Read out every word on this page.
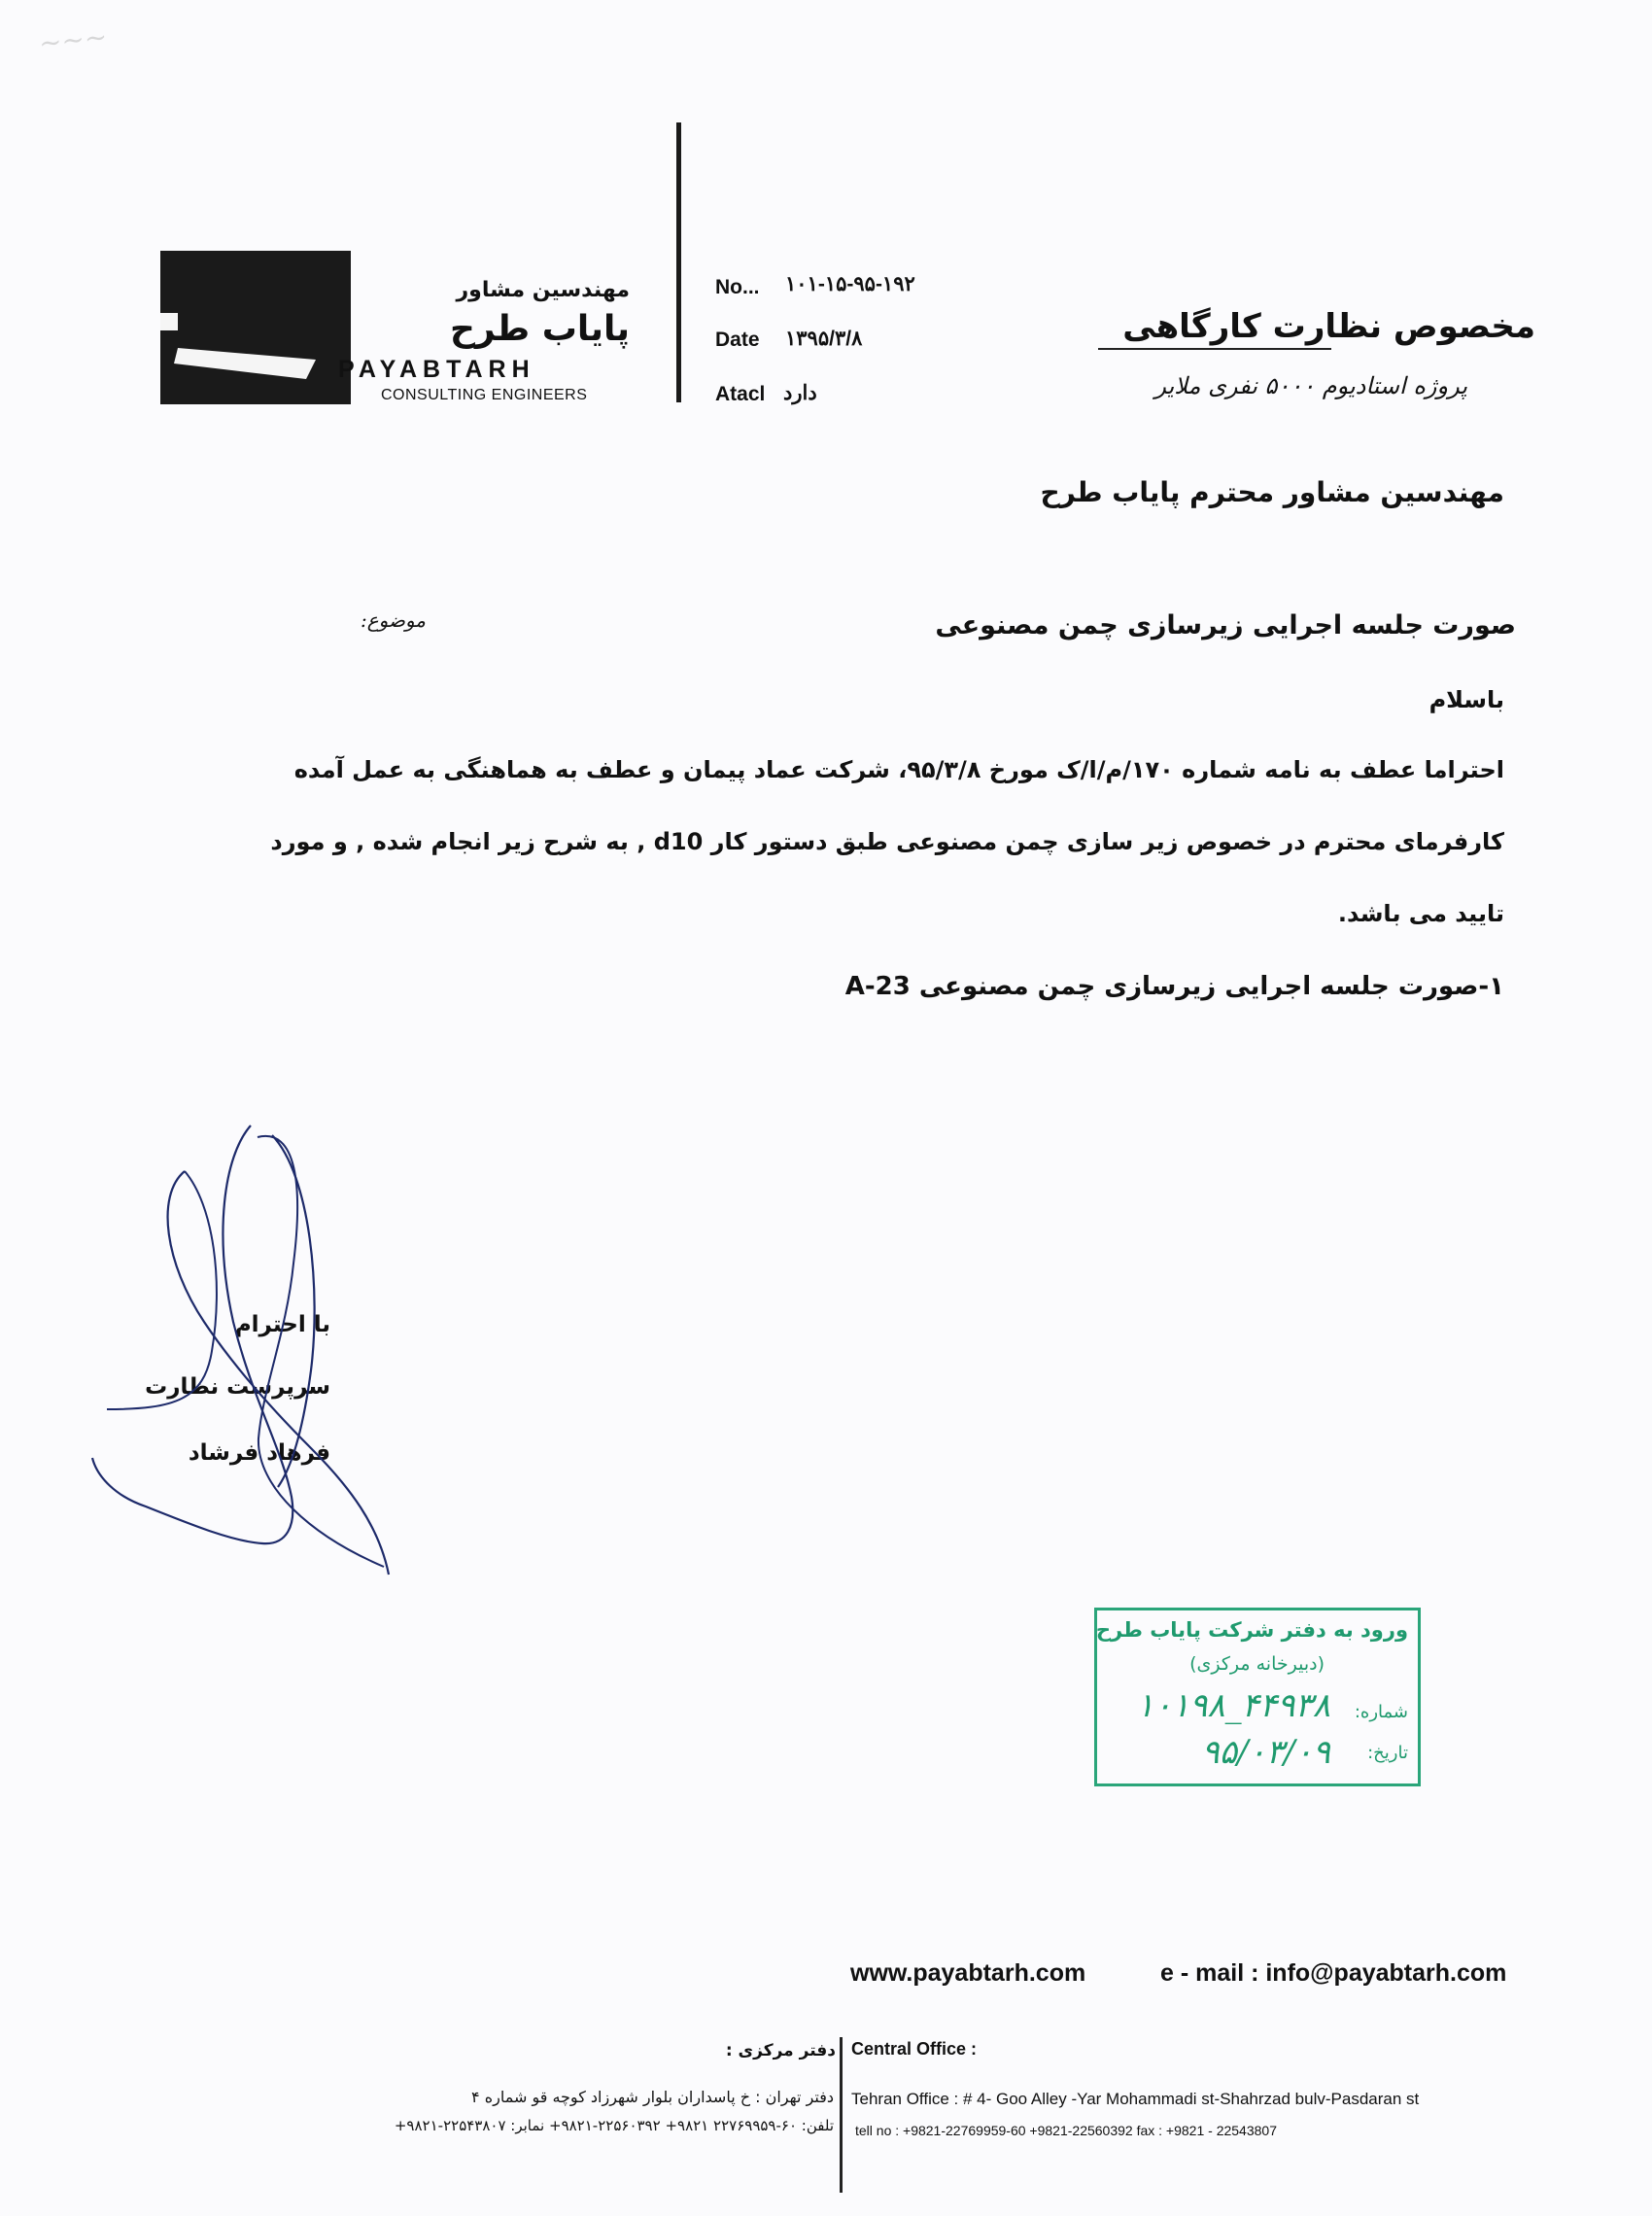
~~~
مهندسین مشاور
پایاب طرح
PAYABTARH
CONSULTING ENGINEERS
No... ۱۰۱-۱۵-۹۵-۱۹۲
Date ۱۳۹۵/۳/۸
Atacl دارد
مخصوص نظارت کارگاهی
پروژه استادیوم ۵۰۰۰ نفری ملایر
مهندسین مشاور محترم پایاب طرح
موضوع:	صورت جلسه اجرایی زیرسازی چمن مصنوعی
باسلام
احتراما عطف به نامه شماره ۱۷۰/م/ا/ک مورخ ۹۵/۳/۸، شرکت عماد پیمان و عطف به هماهنگی به عمل آمده
کارفرمای محترم در خصوص زیر سازی چمن مصنوعی طبق دستور کار d10 , به شرح زیر انجام شده , و مورد
تایید می باشد.
۱-صورت جلسه اجرایی زیرسازی چمن مصنوعی A-23
با احترام
سرپرست نظارت
فرهاد فرشاد
ورود به دفتر شرکت پایاب طرح
(دبیرخانه مرکزی)
شماره:
۱۰۱۹۸_۴۴۹۳۸
تاریخ:
۹۵/۰۳/۰۹
www.payabtarh.com	e - mail : info@payabtarh.com
دفتر مرکزی : Central Office :
دفتر تهران : خ پاسداران بلوار شهرزاد کوچه قو شماره ۴
تلفن: ۶۰-۲۲۷۶۹۹۵۹ ۹۸۲۱+ ۲۲۵۶۰۳۹۲-۹۸۲۱+ نمابر: ۲۲۵۴۳۸۰۷-۹۸۲۱+
Tehran Office : # 4- Goo Alley -Yar Mohammadi st-Shahrzad bulv-Pasdaran st
tell no : +9821-22769959-60 +9821-22560392 fax : +9821 - 22543807
